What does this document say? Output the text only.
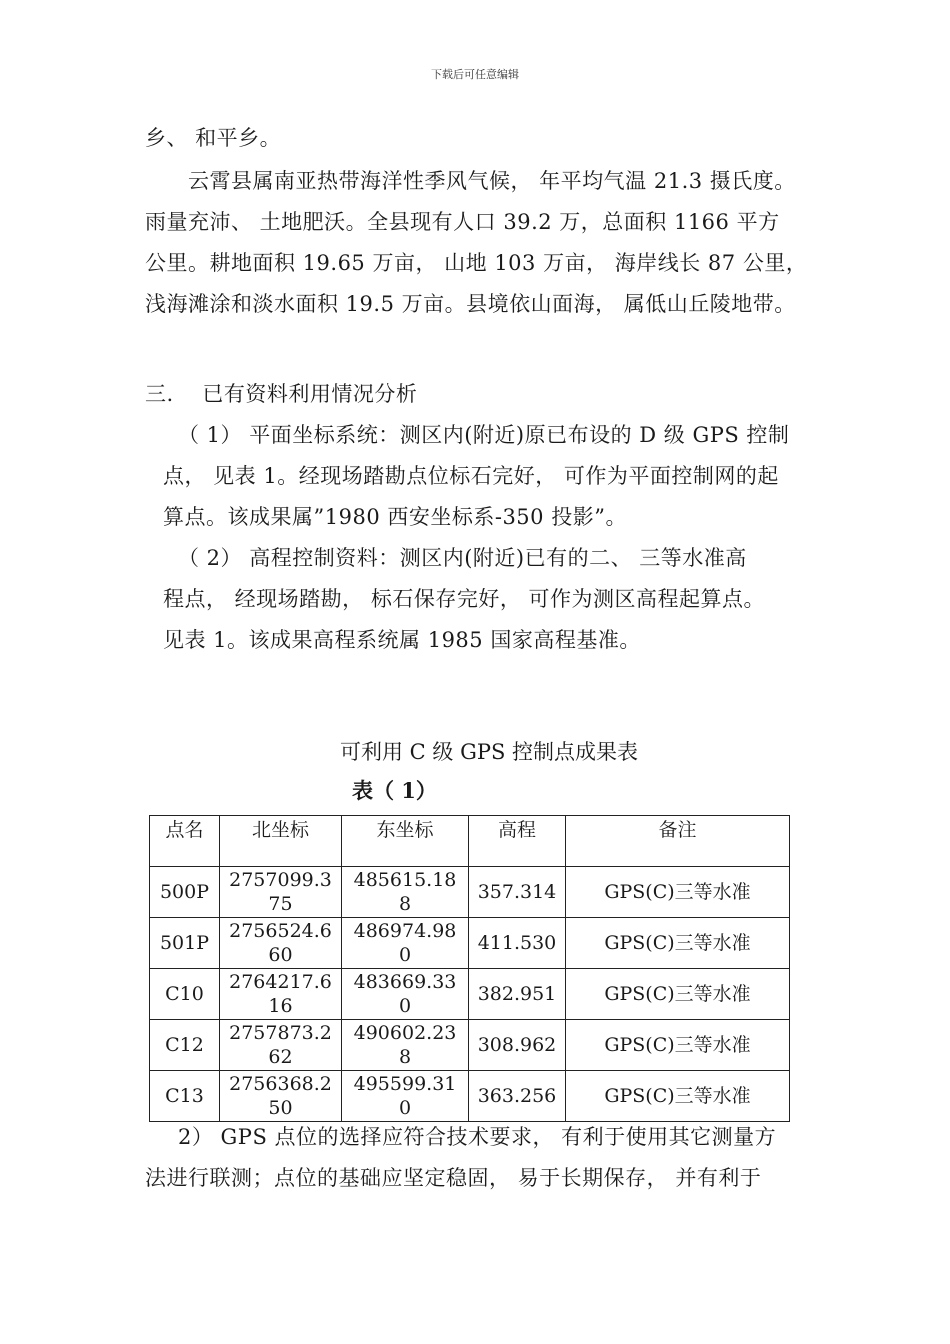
下载后可任意编辑
乡、 和平乡。
云霄县属南亚热带海洋性季风气候， 年平均气温 21.3 摄氏度。
雨量充沛、 土地肥沃。全县现有人口 39.2 万，总面积 1166 平方
公里。耕地面积 19.65 万亩， 山地 103 万亩， 海岸线长 87 公里，
浅海滩涂和淡水面积 19.5 万亩。县境依山面海， 属低山丘陵地带。
三.　 已有资料利用情况分析
（ 1） 平面坐标系统：测区内(附近)原已布设的 D 级 GPS 控制
点， 见表 1。经现场踏勘点位标石完好， 可作为平面控制网的起
算点。该成果属”1980 西安坐标系-350 投影”。
（ 2） 高程控制资料：测区内(附近)已有的二、 三等水准高
程点， 经现场踏勘， 标石保存完好， 可作为测区高程起算点。
见表 1。该成果高程系统属 1985 国家高程基准。
可利用 C 级 GPS 控制点成果表
表（ 1）
点名	北坐标	东坐标	高程	备注
500P	2757099.375	485615.188	357.314	GPS(C)三等水准
501P	2756524.660	486974.980	411.530	GPS(C)三等水准
C10	2764217.616	483669.330	382.951	GPS(C)三等水准
C12	2757873.262	490602.238	308.962	GPS(C)三等水准
C13	2756368.250	495599.310	363.256	GPS(C)三等水准
2） GPS 点位的选择应符合技术要求， 有利于使用其它测量方
法进行联测；点位的基础应坚定稳固， 易于长期保存， 并有利于
